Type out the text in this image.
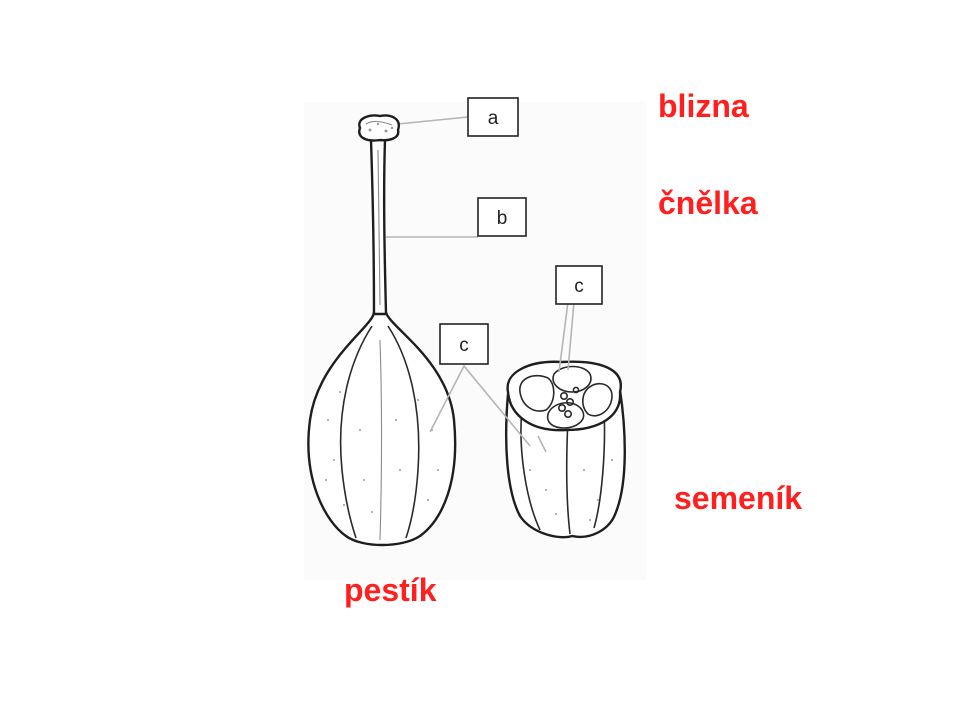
a
b
c
c
blizna
čnělka
semeník
pestík
